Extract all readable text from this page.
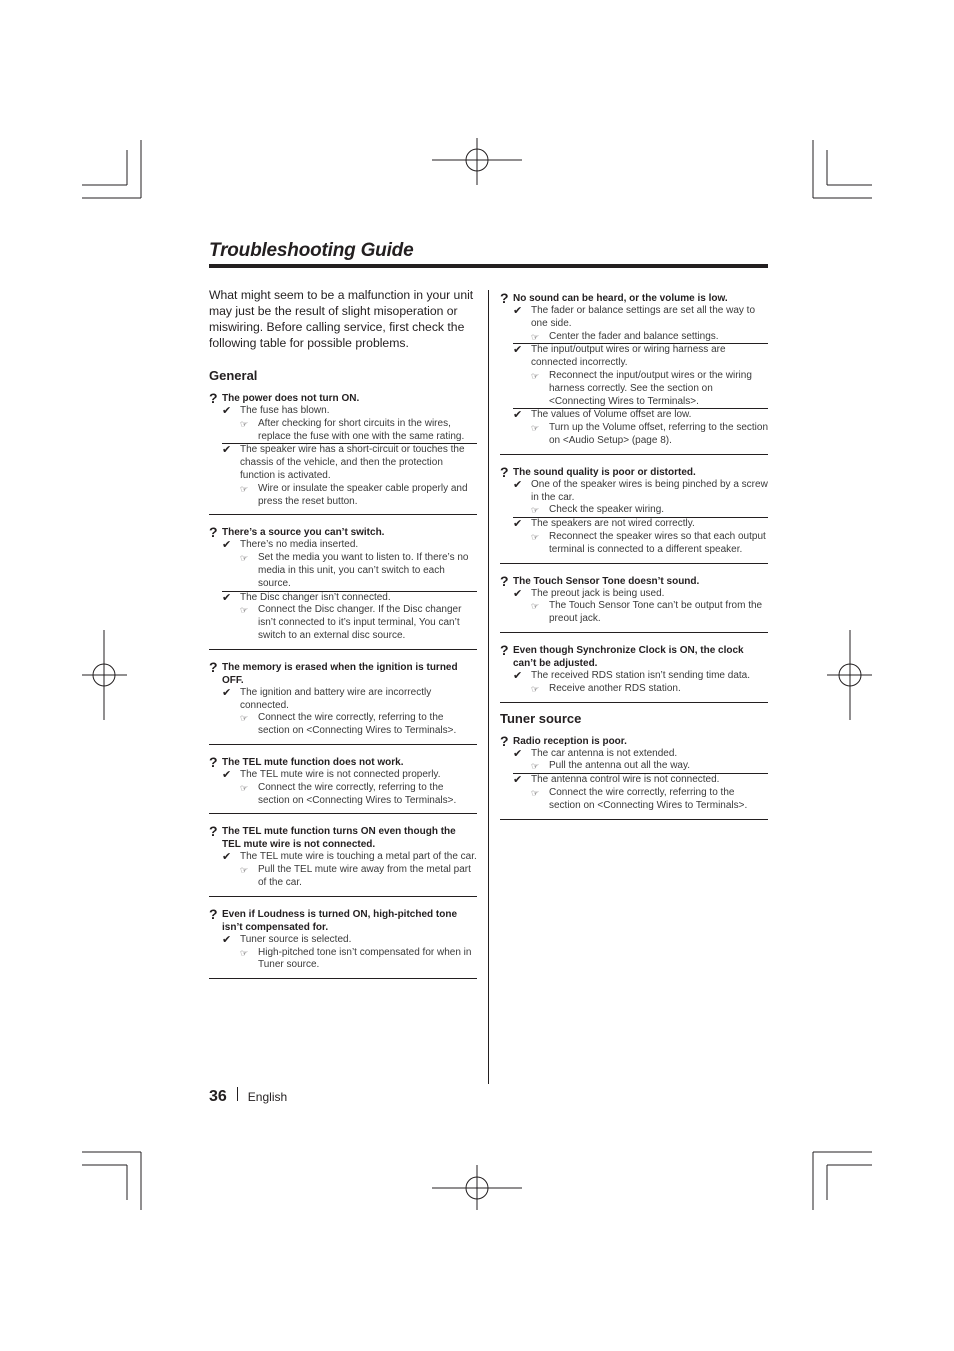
Troubleshooting Guide

What might seem to be a malfunction in your unit may just be the result of slight misoperation or miswiring. Before calling service, first check the following table for possible problems.

General
? The power does not turn ON.
✔ The fuse has blown.
☞ After checking for short circuits in the wires, replace the fuse with one with the same rating.
✔ The speaker wire has a short-circuit or touches the chassis of the vehicle, and then the protection function is activated.
☞ Wire or insulate the speaker cable properly and press the reset button.
? There’s a source you can’t switch.
✔ There’s no media inserted.
☞ Set the media you want to listen to. If there’s no media in this unit, you can’t switch to each source.
✔ The Disc changer isn’t connected.
☞ Connect the Disc changer. If the Disc changer isn’t connected to it’s input terminal, You can’t switch to an external disc source.
? The memory is erased when the ignition is turned OFF.
✔ The ignition and battery wire are incorrectly connected.
☞ Connect the wire correctly, referring to the section on <Connecting Wires to Terminals>.
? The TEL mute function does not work.
✔ The TEL mute wire is not connected properly.
☞ Connect the wire correctly, referring to the section on <Connecting Wires to Terminals>.
? The TEL mute function turns ON even though the TEL mute wire is not connected.
✔ The TEL mute wire is touching a metal part of the car.
☞ Pull the TEL mute wire away from the metal part of the car.
? Even if Loudness is turned ON, high-pitched tone isn’t compensated for.
✔ Tuner source is selected.
☞ High-pitched tone isn’t compensated for when in Tuner source.
? No sound can be heard, or the volume is low.
✔ The fader or balance settings are set all the way to one side.
☞ Center the fader and balance settings.
✔ The input/output wires or wiring harness are connected incorrectly.
☞ Reconnect the input/output wires or the wiring harness correctly. See the section on <Connecting Wires to Terminals>.
✔ The values of Volume offset are low.
☞ Turn up the Volume offset, referring to the section on <Audio Setup> (page 8).
? The sound quality is poor or distorted.
✔ One of the speaker wires is being pinched by a screw in the car.
☞ Check the speaker wiring.
✔ The speakers are not wired correctly.
☞ Reconnect the speaker wires so that each output terminal is connected to a different speaker.
? The Touch Sensor Tone doesn’t sound.
✔ The preout jack is being used.
☞ The Touch Sensor Tone can’t be output from the preout jack.
? Even though Synchronize Clock is ON, the clock can’t be adjusted.
✔ The received RDS station isn’t sending time data.
☞ Receive another RDS station.
Tuner source
? Radio reception is poor.
✔ The car antenna is not extended.
☞ Pull the antenna out all the way.
✔ The antenna control wire is not connected.
☞ Connect the wire correctly, referring to the section on <Connecting Wires to Terminals>.
36 English
